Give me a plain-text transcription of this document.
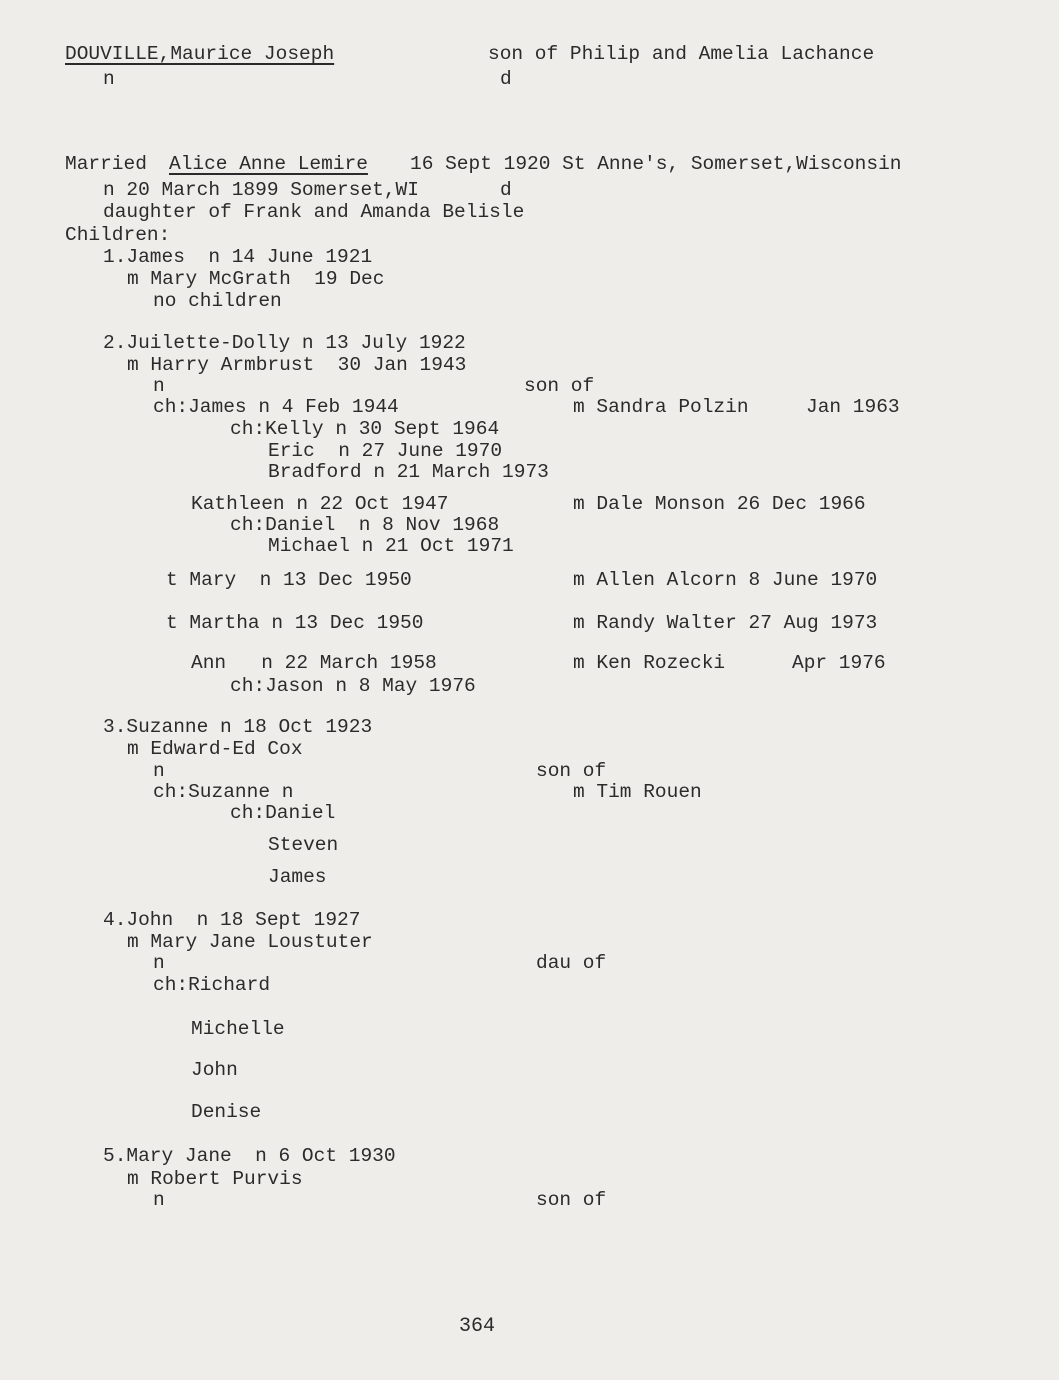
DOUVILLE,Maurice Joseph	son of Philip and Amelia Lachance
n	d
Married Alice Anne Lemire 16 Sept 1920 St Anne's, Somerset,Wisconsin
n 20 March 1899 Somerset,WI	d
daughter of Frank and Amanda Belisle
Children:
1.James  n 14 June 1921
m Mary McGrath  19 Dec
no children
2.Juilette-Dolly n 13 July 1922
m Harry Armbrust  30 Jan 1943
n	son of
ch:James n 4 Feb 1944	m Sandra Polzin	Jan 1963
ch:Kelly n 30 Sept 1964
Eric  n 27 June 1970
Bradford n 21 March 1973
Kathleen n 22 Oct 1947	m Dale Monson 26 Dec 1966
ch:Daniel  n 8 Nov 1968
Michael n 21 Oct 1971
t Mary  n 13 Dec 1950	m Allen Alcorn 8 June 1970
t Martha n 13 Dec 1950	m Randy Walter 27 Aug 1973
Ann   n 22 March 1958	m Ken Rozecki	Apr 1976
ch:Jason n 8 May 1976
3.Suzanne n 18 Oct 1923
m Edward-Ed Cox
n	son of
ch:Suzanne n	m Tim Rouen
ch:Daniel
Steven
James
4.John  n 18 Sept 1927
m Mary Jane Loustuter
n	dau of
ch:Richard
Michelle
John
Denise
5.Mary Jane  n 6 Oct 1930
m Robert Purvis
n	son of
364
